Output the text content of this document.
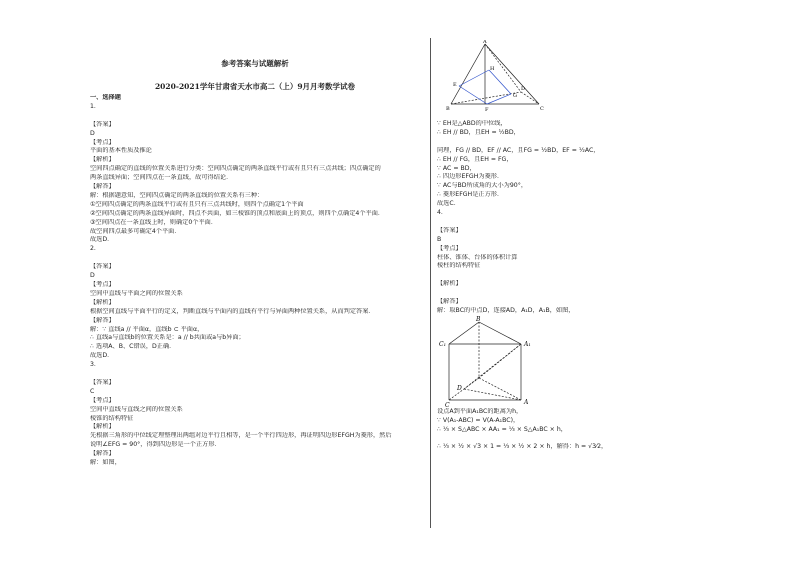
参考答案与试题解析
2020-2021学年甘肃省天水市高二（上）9月月考数学试卷
一、选择题
1.
【答案】
D
【考点】
平面的基本性质及推论
【解析】
空间四点确定的直线的位置关系进行分类：空间四点确定的两条直线平行或有且只有三点共线；四点确定的
两条直线异面；空间四点在一条直线，故可得结论．
【解答】
解：根据题意知，空间四点确定的两条直线的位置关系有三种：
①空间四点确定的两条直线平行或有且只有三点共线时，则四个点确定1个平面
②空间四点确定的两条直线异面时，四点不共面，如三棱锥的顶点和底面上的顶点，则四个点确定4个平面．
③空间四点在一条直线上时，则确定0个平面．
故空间四点最多可确定4个平面．
故选D．
2.
【答案】
D
【考点】
空间中直线与平面之间的位置关系
【解析】
根据空间直线与平面平行的定义，判断直线与平面内的直线有平行与异面两种位置关系，从而判定答案．
【解答】
解：∵ 直线a // 平面α，直线b ⊂ 平面α，
∴ 直线a与直线b的位置关系是：a // b共面或a与b异面；
∴ 选项A、B、C错误，D正确．
故选D．
3.
【答案】
C
【考点】
空间中直线与直线之间的位置关系
棱锥的结构特征
【解析】
先根据三角形的中位线定理整理出两组对边平行且相等，是一个平行四边形，再证明四边形EFGH为菱形，然后
说明∠EFG = 90°，得到四边形是一个正方形．
【解答】
解：如图，
A
B	C
D
E
F
G
H
∵ EH是△ABD的中位线，
∴ EH // BD，且EH = ½BD，
同理，FG // BD，EF // AC，且FG = ½BD，EF = ½AC，
∴ EH // FG，且EH = FG，
∵ AC = BD，
∴ 四边形EFGH为菱形．
∵ AC与BD所成角的大小为90°，
∴ 菱形EFGH是正方形．
故选C．
4.
【答案】
B
【考点】
柱体、锥体、台体的体积计算
棱柱的结构特征
【解析】
【解答】
解：取BC的中点D，连接AD，A₁D，A₁B，如图，
B
C₁	A₁
D
C	A
设点A到平面A₁BC的距离为h，
∵ V(A₁-ABC) = V(A-A₁BC)，
∴ ⅓ × S△ABC × AA₁ = ⅓ × S△A₁BC × h，
∴ ⅓ × ½ × √3 × 1 = ⅓ × ½ × 2 × h，解得：h = √3⁄2，
